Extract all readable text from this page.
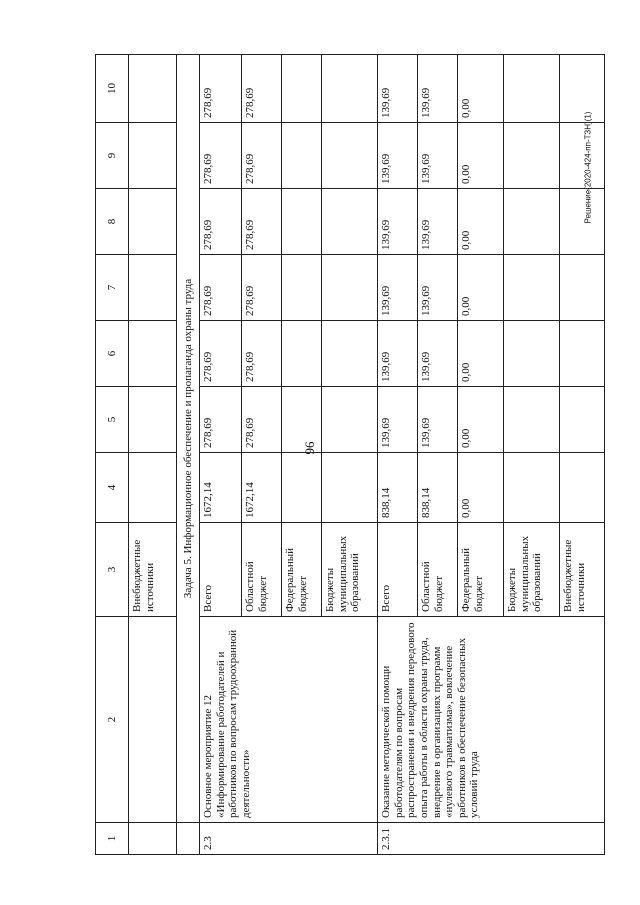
96
Решение(2020-424-пп-ТЗН)(1)
1	2	3	4	5	6	7	8	9	10
		Внебюджетные источники							
	Задача 5. Информационное обеспечение и пропаганда охраны труда								
2.3	Основное мероприятие 12 «Информирование работодателей и работников по вопросам трудоохранной деятельности»	Всего	1672,14	278,69	278,69	278,69	278,69	278,69	278,69
		Областной бюджет	1672,14	278,69	278,69	278,69	278,69	278,69	278,69
		Федеральный бюджет							
		Бюджеты муниципальных образований							
2.3.1	Оказание методической помощи работодателям по вопросам распространения и внедрения передового опыта работы в области охраны труда, внедрение в организациях программ «нулевого травматизма», вовлечение работников в обеспечение безопасных условий труда	Всего	838,14	139,69	139,69	139,69	139,69	139,69	139,69
		Областной бюджет	838,14	139,69	139,69	139,69	139,69	139,69	139,69
		Федеральный бюджет	0,00	0,00	0,00	0,00	0,00	0,00	0,00
		Бюджеты муниципальных образований							
		Внебюджетные источники							
